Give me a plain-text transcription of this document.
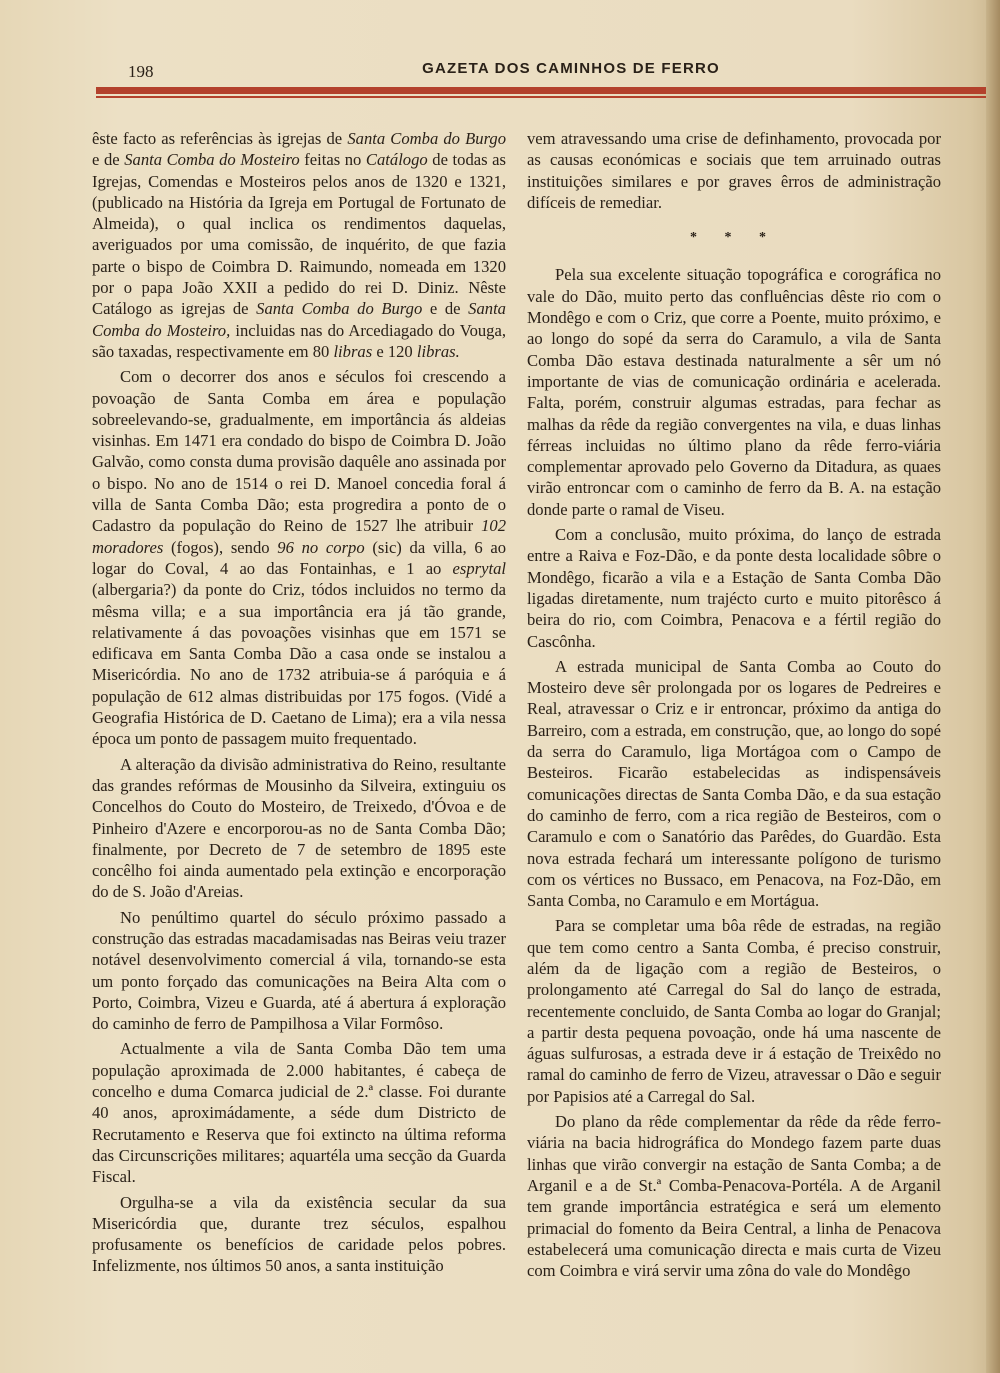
198	GAZETA DOS CAMINHOS DE FERRO

êste facto as referências às igrejas de Santa Comba do Burgo e de Santa Comba do Mosteiro feitas no Catálogo de todas as Igrejas, Comendas e Mosteiros pelos anos de 1320 e 1321, (publicado na História da Igreja em Portugal de Fortunato de Almeida), o qual inclica os rendimentos daquelas, averiguados por uma comissão, de inquérito, de que fazia parte o bispo de Coimbra D. Raimundo, nomeada em 1320 por o papa João XXII a pedido do rei D. Diniz. Nêste Catálogo as igrejas de Santa Comba do Burgo e de Santa Comba do Mosteiro, incluidas nas do Arcediagado do Vouga, são taxadas, respectivamente em 80 libras e 120 libras.

Com o decorrer dos anos e séculos foi crescendo a povoação de Santa Comba em área e população sobreelevando-se, gradualmente, em importância ás aldeias visinhas. Em 1471 era condado do bispo de Coimbra D. João Galvão, como consta duma provisão daquêle ano assinada por o bispo. No ano de 1514 o rei D. Manoel concedia foral á villa de Santa Comba Dão; esta progredira a ponto de o Cadastro da população do Reino de 1527 lhe atribuir 102 moradores (fogos), sendo 96 no corpo (sic) da villa, 6 ao logar do Coval, 4 ao das Fontainhas, e 1 ao esprytal (albergaria?) da ponte do Criz, tódos incluidos no termo da mêsma villa; e a sua importância era já tão grande, relativamente á das povoações visinhas que em 1571 se edificava em Santa Comba Dão a casa onde se instalou a Misericórdia. No ano de 1732 atribuia-se á paróquia e á população de 612 almas distribuidas por 175 fogos. (Vidé a Geografia Histórica de D. Caetano de Lima); era a vila nessa época um ponto de passagem muito frequentado.

A alteração da divisão administrativa do Reino, resultante das grandes refórmas de Mousinho da Silveira, extinguiu os Concelhos do Couto do Mosteiro, de Treixedo, d'Óvoa e de Pinheiro d'Azere e encorporou-as no de Santa Comba Dão; finalmente, por Decreto de 7 de setembro de 1895 este concêlho foi ainda aumentado pela extinção e encorporação do de S. João d'Areias.

No penúltimo quartel do século próximo passado a construção das estradas macadamisadas nas Beiras veiu trazer notável desenvolvimento comercial á vila, tornando-se esta um ponto forçado das comunicações na Beira Alta com o Porto, Coimbra, Vizeu e Guarda, até á abertura á exploração do caminho de ferro de Pampilhosa a Vilar Formôso.

Actualmente a vila de Santa Comba Dão tem uma população aproximada de 2.000 habitantes, é cabeça de concelho e duma Comarca judicial de 2.ª classe. Foi durante 40 anos, aproximádamente, a séde dum Districto de Recrutamento e Reserva que foi extincto na última reforma das Circunscrições militares; aquartéla uma secção da Guarda Fiscal.

Orgulha-se a vila da existência secular da sua Misericórdia que, durante trez séculos, espalhou profusamente os benefícios de caridade pelos pobres. Infelizmente, nos últimos 50 anos, a santa instituição

vem atravessando uma crise de definhamento, provocada por as causas económicas e sociais que tem arruinado outras instituições similares e por graves êrros de administração difíceis de remediar.

* * *

Pela sua excelente situação topográfica e corográfica no vale do Dão, muito perto das confluências dêste rio com o Mondêgo e com o Criz, que corre a Poente, muito próximo, e ao longo do sopé da serra do Caramulo, a vila de Santa Comba Dão estava destinada naturalmente a sêr um nó importante de vias de comunicação ordinária e acelerada. Falta, porém, construir algumas estradas, para fechar as malhas da rêde da região convergentes na vila, e duas linhas férreas incluidas no último plano da rêde ferro-viária complementar aprovado pelo Governo da Ditadura, as quaes virão entroncar com o caminho de ferro da B. A. na estação donde parte o ramal de Viseu.

Com a conclusão, muito próxima, do lanço de estrada entre a Raiva e Foz-Dão, e da ponte desta localidade sôbre o Mondêgo, ficarão a vila e a Estação de Santa Comba Dão ligadas diretamente, num trajécto curto e muito pitorêsco á beira do rio, com Coimbra, Penacova e a fértil região do Cascônha.

A estrada municipal de Santa Comba ao Couto do Mosteiro deve sêr prolongada por os logares de Pedreires e Real, atravessar o Criz e ir entroncar, próximo da antiga do Barreiro, com a estrada, em construção, que, ao longo do sopé da serra do Caramulo, liga Mortágoa com o Campo de Besteiros. Ficarão estabelecidas as indispensáveis comunicações directas de Santa Comba Dão, e da sua estação do caminho de ferro, com a rica região de Besteiros, com o Caramulo e com o Sanatório das Parêdes, do Guardão. Esta nova estrada fechará um interessante polígono de turismo com os vértices no Bussaco, em Penacova, na Foz-Dão, em Santa Comba, no Caramulo e em Mortágua.

Para se completar uma bôa rêde de estradas, na região que tem como centro a Santa Comba, é preciso construir, além da de ligação com a região de Besteiros, o prolongamento até Carregal do Sal do lanço de estrada, recentemente concluido, de Santa Comba ao logar do Granjal; a partir desta pequena povoação, onde há uma nascente de águas sulfurosas, a estrada deve ir á estação de Treixêdo no ramal do caminho de ferro de Vizeu, atravessar o Dão e seguir por Papisios até a Carregal do Sal.

Do plano da rêde complementar da rêde da rêde ferro-viária na bacia hidrográfica do Mondego fazem parte duas linhas que virão convergir na estação de Santa Comba; a de Arganil e a de St.ª Comba-Penacova-Portéla. A de Arganil tem grande importância estratégica e será um elemento primacial do fomento da Beira Central, a linha de Penacova estabelecerá uma comunicação directa e mais curta de Vizeu com Coimbra e virá servir uma zôna do vale do Mondêgo
